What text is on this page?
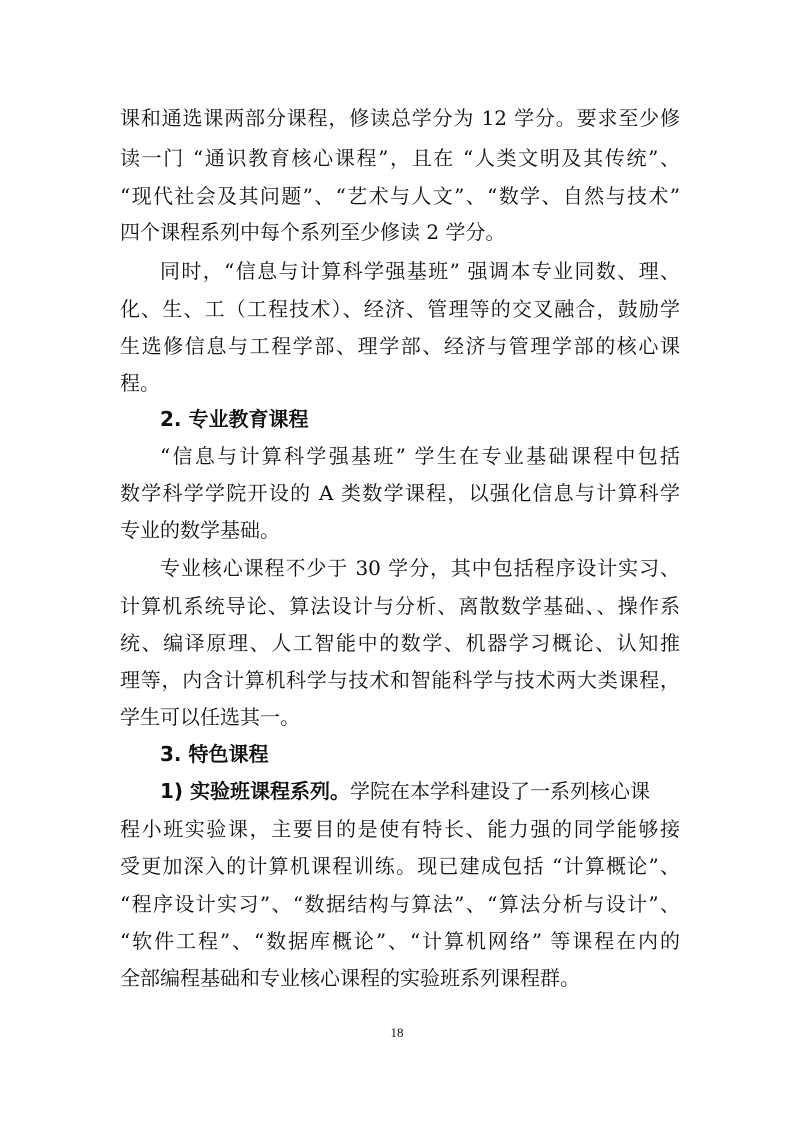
课和通选课两部分课程，修读总学分为 12 学分。要求至少修
读一门 “通识教育核心课程”，且在 “人类文明及其传统”、
“现代社会及其问题”、“艺术与人文”、“数学、自然与技术”
四个课程系列中每个系列至少修读 2 学分。
同时，“信息与计算科学强基班” 强调本专业同数、理、
化、生、工（工程技术）、经济、管理等的交叉融合，鼓励学
生选修信息与工程学部、理学部、经济与管理学部的核心课
程。
2. 专业教育课程
“信息与计算科学强基班” 学生在专业基础课程中包括
数学科学学院开设的 A 类数学课程，以强化信息与计算科学
专业的数学基础。
专业核心课程不少于 30 学分，其中包括程序设计实习、
计算机系统导论、算法设计与分析、离散数学基础、、操作系
统、编译原理、人工智能中的数学、机器学习概论、认知推
理等，内含计算机科学与技术和智能科学与技术两大类课程，
学生可以任选其一。
3. 特色课程
1) 实验班课程系列。学院在本学科建设了一系列核心课
程小班实验课，主要目的是使有特长、能力强的同学能够接
受更加深入的计算机课程训练。现已建成包括 “计算概论”、
“程序设计实习”、“数据结构与算法”、“算法分析与设计”、
“软件工程”、“数据库概论”、“计算机网络” 等课程在内的
全部编程基础和专业核心课程的实验班系列课程群。
18
